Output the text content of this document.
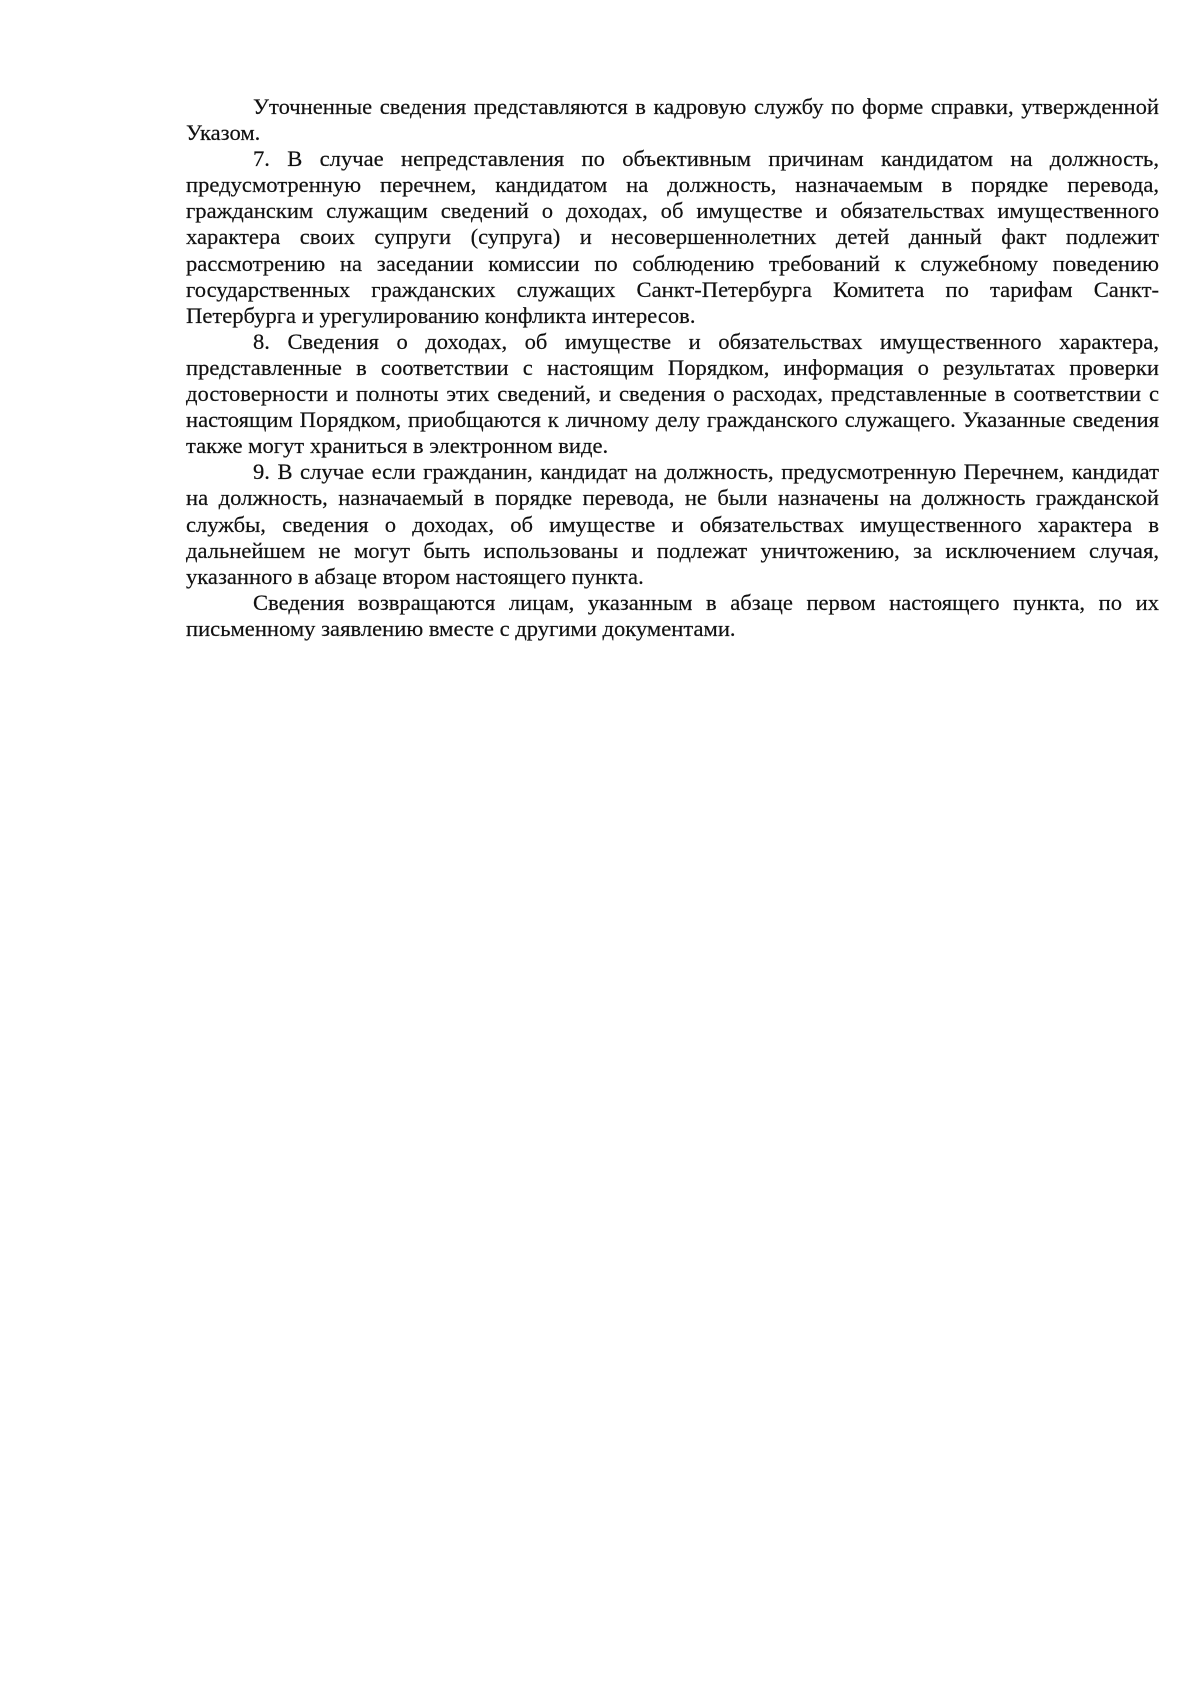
Уточненные сведения представляются в кадровую службу по форме справки, утвержденной Указом.

7. В случае непредставления по объективным причинам кандидатом на должность, предусмотренную перечнем, кандидатом на должность, назначаемым в порядке перевода, гражданским служащим сведений о доходах, об имуществе и обязательствах имущественного характера своих супруги (супруга) и несовершеннолетних детей данный факт подлежит рассмотрению на заседании комиссии по соблюдению требований к служебному поведению государственных гражданских служащих Санкт-Петербурга Комитета по тарифам Санкт-Петербурга и урегулированию конфликта интересов.

8. Сведения о доходах, об имуществе и обязательствах имущественного характера, представленные в соответствии с настоящим Порядком, информация о результатах проверки достоверности и полноты этих сведений, и сведения о расходах, представленные в соответствии с настоящим Порядком, приобщаются к личному делу гражданского служащего. Указанные сведения также могут храниться в электронном виде.

9. В случае если гражданин, кандидат на должность, предусмотренную Перечнем, кандидат на должность, назначаемый в порядке перевода, не были назначены на должность гражданской службы, сведения о доходах, об имуществе и обязательствах имущественного характера в дальнейшем не могут быть использованы и подлежат уничтожению, за исключением случая, указанного в абзаце втором настоящего пункта.

Сведения возвращаются лицам, указанным в абзаце первом настоящего пункта, по их письменному заявлению вместе с другими документами.
